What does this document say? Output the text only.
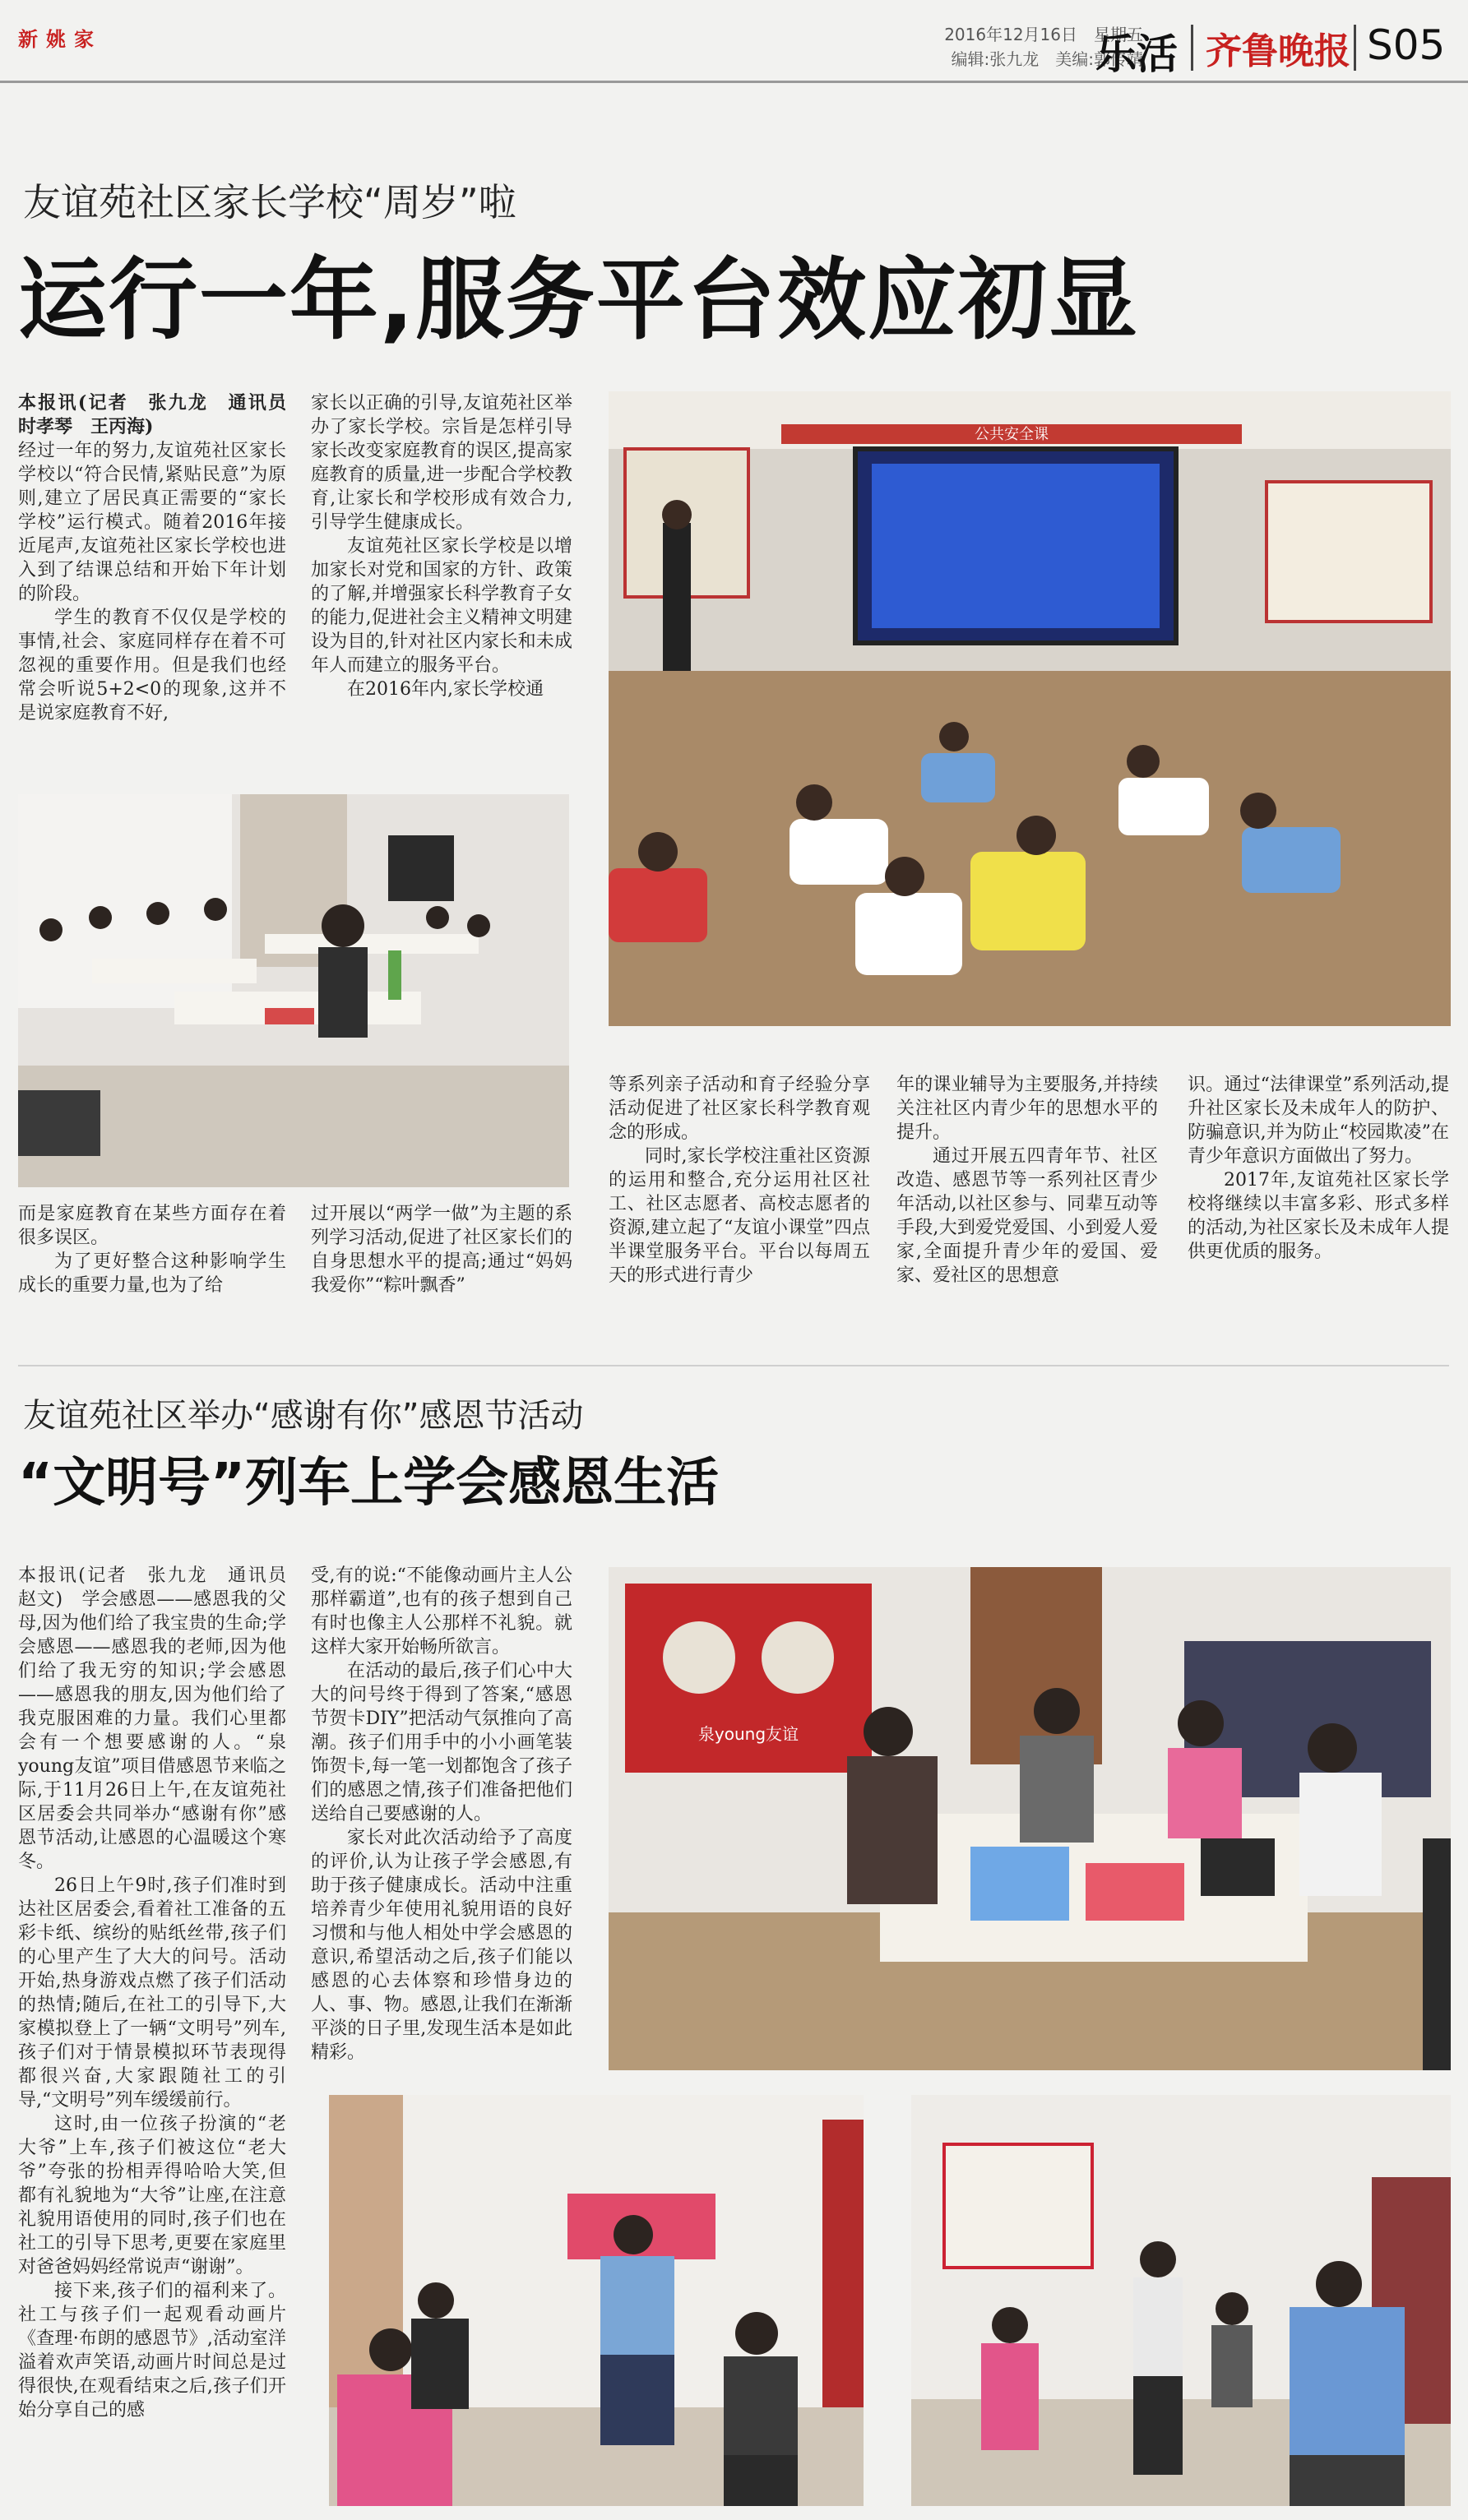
新姚家	2016年12月16日　星期五
编辑:张九龙　美编:郭传靖
乐活 齐鲁晚报 S05
友谊苑社区家长学校“周岁”啦
运行一年,服务平台效应初显

本报讯(记者　张九龙　通讯员　时孝琴　王丙海)

经过一年的努力,友谊苑社区家长学校以“符合民情,紧贴民意”为原则,建立了居民真正需要的“家长学校”运行模式。随着2016年接近尾声,友谊苑社区家长学校也进入到了结课总结和开始下年计划的阶段。

学生的教育不仅仅是学校的事情,社会、家庭同样存在着不可忽视的重要作用。但是我们也经常会听说5+2<0的现象,这并不是说家庭教育不好,

家长以正确的引导,友谊苑社区举办了家长学校。宗旨是怎样引导家长改变家庭教育的误区,提高家庭教育的质量,进一步配合学校教育,让家长和学校形成有效合力,引导学生健康成长。

友谊苑社区家长学校是以增加家长对党和国家的方针、政策的了解,并增强家长科学教育子女的能力,促进社会主义精神文明建设为目的,针对社区内家长和未成年人而建立的服务平台。

在2016年内,家长学校通

公共安全课

而是家庭教育在某些方面存在着很多误区。

为了更好整合这种影响学生成长的重要力量,也为了给

过开展以“两学一做”为主题的系列学习活动,促进了社区家长们的自身思想水平的提高;通过“妈妈我爱你”“粽叶飘香”

等系列亲子活动和育子经验分享活动促进了社区家长科学教育观念的形成。

同时,家长学校注重社区资源的运用和整合,充分运用社区社工、社区志愿者、高校志愿者的资源,建立起了“友谊小课堂”四点半课堂服务平台。平台以每周五天的形式进行青少

年的课业辅导为主要服务,并持续关注社区内青少年的思想水平的提升。

通过开展五四青年节、社区改造、感恩节等一系列社区青少年活动,以社区参与、同辈互动等手段,大到爱党爱国、小到爱人爱家,全面提升青少年的爱国、爱家、爱社区的思想意

识。通过“法律课堂”系列活动,提升社区家长及未成年人的防护、防骗意识,并为防止“校园欺凌”在青少年意识方面做出了努力。

2017年,友谊苑社区家长学校将继续以丰富多彩、形式多样的活动,为社区家长及未成年人提供更优质的服务。

友谊苑社区举办“感谢有你”感恩节活动
“文明号”列车上学会感恩生活

本报讯(记者　张九龙　通讯员　赵文)　学会感恩——感恩我的父母,因为他们给了我宝贵的生命;学会感恩——感恩我的老师,因为他们给了我无穷的知识;学会感恩——感恩我的朋友,因为他们给了我克服困难的力量。我们心里都会有一个想要感谢的人。“泉young友谊”项目借感恩节来临之际,于11月26日上午,在友谊苑社区居委会共同举办“感谢有你”感恩节活动,让感恩的心温暖这个寒冬。

26日上午9时,孩子们准时到达社区居委会,看着社工准备的五彩卡纸、缤纷的贴纸丝带,孩子们的心里产生了大大的问号。活动开始,热身游戏点燃了孩子们活动的热情;随后,在社工的引导下,大家模拟登上了一辆“文明号”列车,孩子们对于情景模拟环节表现得都很兴奋,大家跟随社工的引导,“文明号”列车缓缓前行。

这时,由一位孩子扮演的“老大爷”上车,孩子们被这位“老大爷”夸张的扮相弄得哈哈大笑,但都有礼貌地为“大爷”让座,在注意礼貌用语使用的同时,孩子们也在社工的引导下思考,更要在家庭里对爸爸妈妈经常说声“谢谢”。

接下来,孩子们的福利来了。社工与孩子们一起观看动画片《查理·布朗的感恩节》,活动室洋溢着欢声笑语,动画片时间总是过得很快,在观看结束之后,孩子们开始分享自己的感

受,有的说:“不能像动画片主人公那样霸道”,也有的孩子想到自己有时也像主人公那样不礼貌。就这样大家开始畅所欲言。

在活动的最后,孩子们心中大大的问号终于得到了答案,“感恩节贺卡DIY”把活动气氛推向了高潮。孩子们用手中的小小画笔装饰贺卡,每一笔一划都饱含了孩子们的感恩之情,孩子们准备把他们送给自己要感谢的人。

家长对此次活动给予了高度的评价,认为让孩子学会感恩,有助于孩子健康成长。活动中注重培养青少年使用礼貌用语的良好习惯和与他人相处中学会感恩的意识,希望活动之后,孩子们能以感恩的心去体察和珍惜身边的人、事、物。感恩,让我们在渐渐平淡的日子里,发现生活本是如此精彩。

泉young友谊
